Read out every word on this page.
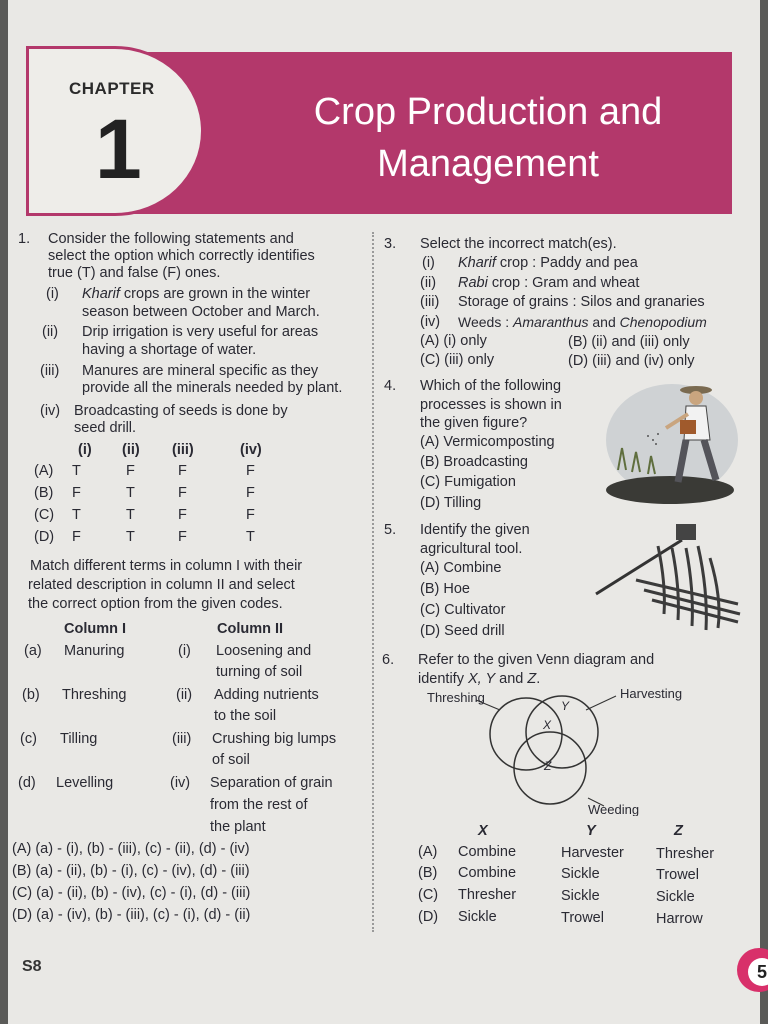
CHAPTER
1	Crop Production and
Management
1. Consider the following statements and
select the option which correctly identifies
true (T) and false (F) ones.
(i) Kharif crops are grown in the winter
season between October and March.
(ii) Drip irrigation is very useful for areas
having a shortage of water.
(iii) Manures are mineral specific as they
provide all the minerals needed by plant.
(iv) Broadcasting of seeds is done by
seed drill.
(i) (ii) (iii)	(iv)
(A) T	F	F	F
(B) F	T	F	F
(C) T	T	F	F
(D) F	T	F	T
Match different terms in column I with their
related description in column II and select
the correct option from the given codes.
Column I	Column II
(a) Manuring	(i) Loosening and
turning of soil
(b) Threshing	(ii) Adding nutrients
to the soil
(c) Tilling	(iii) Crushing big lumps
of soil
(d) Levelling	(iv) Separation of grain
from the rest of
the plant
(A) (a) - (i), (b) - (iii), (c) - (ii), (d) - (iv)
(B) (a) - (ii), (b) - (i), (c) - (iv), (d) - (iii)
(C) (a) - (ii), (b) - (iv), (c) - (i), (d) - (iii)
(D) (a) - (iv), (b) - (iii), (c) - (i), (d) - (ii)
3. Select the incorrect match(es).
(i) Kharif crop : Paddy and pea
(ii) Rabi crop : Gram and wheat
(iii) Storage of grains : Silos and granaries
(iv) Weeds : Amaranthus and Chenopodium
(A) (i) only	(B) (ii) and (iii) only
(C) (iii) only	(D) (iii) and (iv) only
4. Which of the following
processes is shown in
the given figure?
(A) Vermicomposting
(B) Broadcasting
(C) Fumigation
(D) Tilling
5. Identify the given
agricultural tool.
(A) Combine
(B) Hoe
(C) Cultivator
(D) Seed drill
6. Refer to the given Venn diagram and
identify X, Y and Z.
Threshing	Harvesting
Weeding
Y
X
Z
X	Y	Z
(A) Combine	Harvester Thresher
(B) Combine	Sickle	Trowel
(C) Thresher	Sickle	Sickle
(D) Sickle	Trowel	Harrow
S8	5
